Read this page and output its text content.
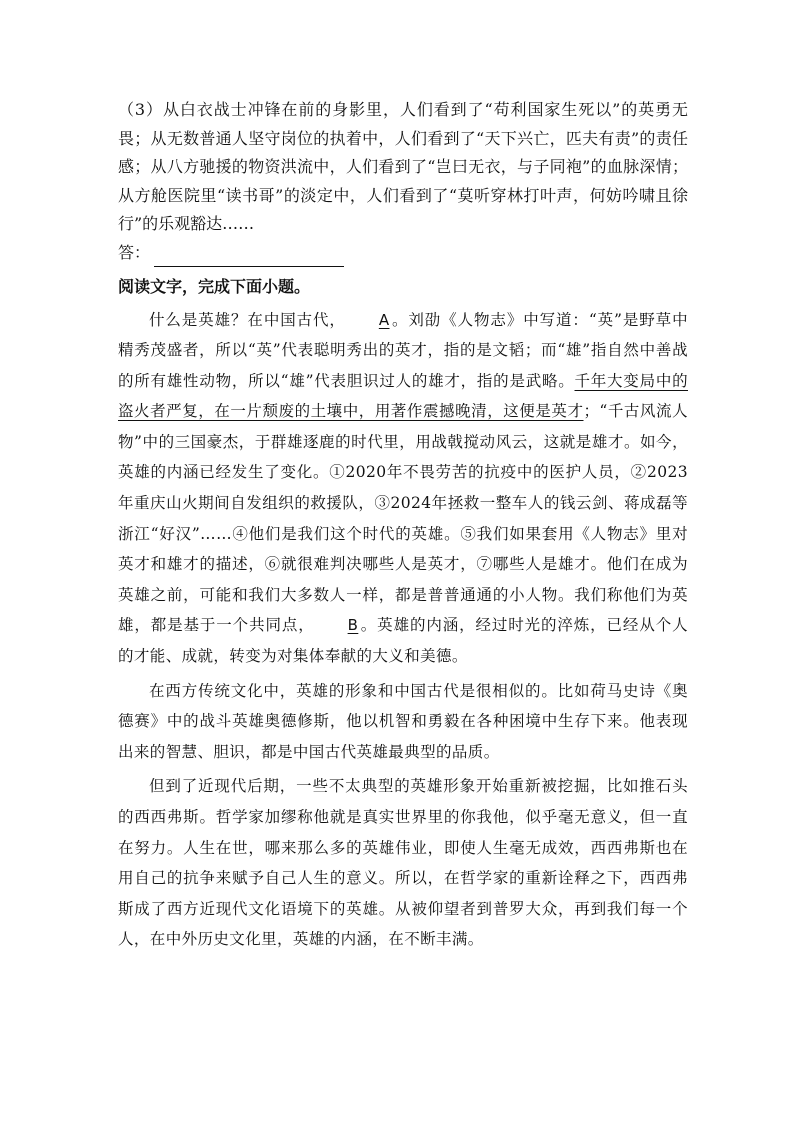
（3）从白衣战士冲锋在前的身影里，人们看到了“苟利国家生死以”的英勇无畏；从无数普通人坚守岗位的执着中，人们看到了“天下兴亡，匹夫有责”的责任感；从八方驰援的物资洪流中，人们看到了“岂曰无衣，与子同袍”的血脉深情；从方舱医院里“读书哥”的淡定中，人们看到了“莫听穿林打叶声，何妨吟啸且徐行”的乐观豁达……

答：
阅读文字，完成下面小题。

什么是英雄？在中国古代， A 。刘劭《人物志》中写道：“英”是野草中精秀茂盛者，所以“英”代表聪明秀出的英才，指的是文韬；而“雄”指自然中善战的所有雄性动物，所以“雄”代表胆识过人的雄才，指的是武略。千年大变局中的盗火者严复，在一片颓废的土壤中，用著作震撼晚清，这便是英才；“千古风流人物”中的三国豪杰，于群雄逐鹿的时代里，用战戟搅动风云，这就是雄才。如今，英雄的内涵已经发生了变化。①2020年不畏劳苦的抗疫中的医护人员，②2023年重庆山火期间自发组织的救援队，③2024年拯救一整车人的钱云剑、蒋成磊等浙江“好汉”……④他们是我们这个时代的英雄。⑤我们如果套用《人物志》里对英才和雄才的描述，⑥就很难判决哪些人是英才，⑦哪些人是雄才。他们在成为英雄之前，可能和我们大多数人一样，都是普普通通的小人物。我们称他们为英雄，都是基于一个共同点， B 。英雄的内涵，经过时光的淬炼，已经从个人的才能、成就，转变为对集体奉献的大义和美德。

在西方传统文化中，英雄的形象和中国古代是很相似的。比如荷马史诗《奥德赛》中的战斗英雄奥德修斯，他以机智和勇毅在各种困境中生存下来。他表现出来的智慧、胆识，都是中国古代英雄最典型的品质。

但到了近现代后期，一些不太典型的英雄形象开始重新被挖掘，比如推石头的西西弗斯。哲学家加缪称他就是真实世界里的你我他，似乎毫无意义，但一直在努力。人生在世，哪来那么多的英雄伟业，即使人生毫无成效，西西弗斯也在用自己的抗争来赋予自己人生的意义。所以，在哲学家的重新诠释之下，西西弗斯成了西方近现代文化语境下的英雄。从被仰望者到普罗大众，再到我们每一个人，在中外历史文化里，英雄的内涵，在不断丰满。
